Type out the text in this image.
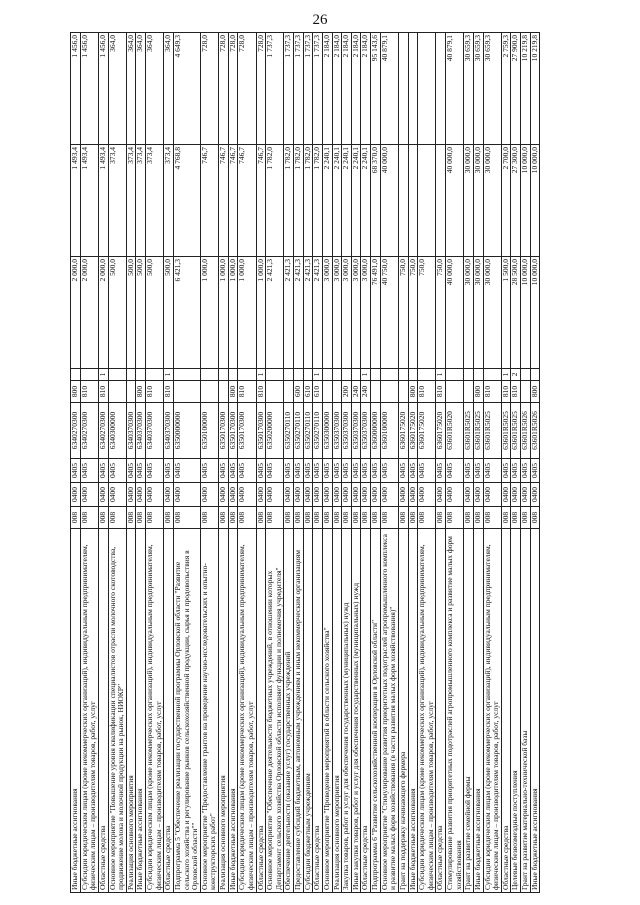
26
Иные бюджетные ассигнования	008	0400	0405	6340270300	800		2 000,0	1 493,4	1 456,0
Субсидии юридическим лицам (кроме некоммерческих организаций), индивидуальным предпринимателям, физическим лицам – производителям товаров, работ, услуг	008	0400	0405	6340270300	810		2 000,0	1 493,4	1 456,0
Областные средства	008	0400	0405	6340270300	810	1	2 000,0	1 493,4	1 456,0
Основное мероприятие "Повышение уровня квалификации специалистов отрасли молочного скотоводства, продвижение молока и молочной продукции на рынок, НИОКР"	008	0400	0405	6340300000			500,0	373,4	364,0
Реализация основного мероприятия	008	0400	0405	6340370300			500,0	373,4	364,0
Иные бюджетные ассигнования	008	0400	0405	6340370300	800		500,0	373,4	364,0
Субсидии юридическим лицам (кроме некоммерческих организаций), индивидуальным предпринимателям, физическим лицам – производителям товаров, работ, услуг	008	0400	0405	6340370300	810		500,0	373,4	364,0
Областные средства	008	0400	0405	6340370300	810	1	500,0	373,4	364,0
Подпрограмма 5 "Обеспечение реализации государственной программы Орловской области "Развитие сельского хозяйства и регулирование рынков сельскохозяйственной продукции, сырья и продовольствия в Орловской области""	008	0400	0405	6350000000			6 421,3	4 768,8	4 649,3
Основное мероприятие "Предоставление грантов на проведение научно-исследовательских и опытно-конструкторских работ"	008	0400	0405	6350100000			1 000,0	746,7	728,0
Реализация основного мероприятия	008	0400	0405	6350170300			1 000,0	746,7	728,0
Иные бюджетные ассигнования	008	0400	0405	6350170300	800		1 000,0	746,7	728,0
Субсидии юридическим лицам (кроме некоммерческих организаций), индивидуальным предпринимателям, физическим лицам – производителям товаров, работ, услуг	008	0400	0405	6350170300	810		1 000,0	746,7	728,0
Областные средства	008	0400	0405	6350170300	810	1	1 000,0	746,7	728,0
Основное мероприятие "Обеспечение деятельности бюджетных учреждений, в отношении которых Департамент сельского хозяйства Орловской области исполняет функции и полномочия учредителя"	008	0400	0405	6350200000			2 421,3	1 782,0	1 737,3
Обеспечение деятельности (оказание услуг) государственных учреждений	008	0400	0405	6350270110			2 421,3	1 782,0	1 737,3
Предоставление субсидий бюджетным, автономным учреждениям и иным некоммерческим организациям	008	0400	0405	6350270110	600		2 421,3	1 782,0	1 737,3
Субсидии бюджетным учреждениям	008	0400	0405	6350270110	610		2 421,3	1 782,0	1 737,3
Областные средства	008	0400	0405	6350270110	610	1	2 421,3	1 782,0	1 737,3
Основное мероприятие "Проведение мероприятий в области сельского хозяйства"	008	0400	0405	6350300000			3 000,0	2 240,1	2 184,0
Реализация основного мероприятия	008	0400	0405	6350370300			3 000,0	2 240,1	2 184,0
Закупка товаров, работ и услуг для обеспечения государственных (муниципальных) нужд	008	0400	0405	6350370300	200		3 000,0	2 240,1	2 184,0
Иные закупки товаров, работ и услуг для обеспечения государственных (муниципальных) нужд	008	0400	0405	6350370300	240		3 000,0	2 240,1	2 184,0
Областные средства	008	0400	0405	6350370300	240	1	3 000,0	2 240,1	2 184,0
Подпрограмма 6 "Развитие сельскохозяйственной кооперации в Орловской области"	008	0400	0405	6360000000			76 491,0	68 370,0	95 143,6
Основное мероприятие "Стимулирование развития приоритетных подотраслей агропромышленного комплекса и развитие малых форм хозяйствования (в части развития малых форм хозяйствования)"	008	0400	0405	6360100000			40 750,0	40 000,0	40 879,1
Грант на поддержку начинающего фермера	008	0400	0405	6360175020			750,0		
Иные бюджетные ассигнования	008	0400	0405	6360175020	800		750,0		
Субсидии юридическим лицам (кроме некоммерческих организаций), индивидуальным предпринимателям, физическим лицам – производителям товаров, работ, услуг	008	0400	0405	6360175020	810		750,0		
Областные средства	008	0400	0405	6360175020	810	1	750,0		
Стимулирование развития приоритетных подотраслей агропромышленного комплекса и развитие малых форм хозяйствования	008	0400	0405	63601R5020			40 000,0	40 000,0	40 879,1
Грант на развитие семейной фермы	008	0400	0405	63601R5025			30 000,0	30 000,0	30 659,3
Иные бюджетные ассигнования	008	0400	0405	63601R5025	800		30 000,0	30 000,0	30 659,3
Субсидии юридическим лицам (кроме некоммерческих организаций), индивидуальным предпринимателям, физическим лицам – производителям товаров, работ, услуг	008	0400	0405	63601R5025	810		30 000,0	30 000,0	30 659,3
Областные средства	008	0400	0405	63601R5025	810	1	1 500,0	2 700,0	2 759,3
Целевые безвозмездные поступления	008	0400	0405	63601R5025	810	2	28 500,0	27 300,0	27 900,0
Грант на развитие материально-технической базы	008	0400	0405	63601R5026			10 000,0	10 000,0	10 219,8
Иные бюджетные ассигнования	008	0400	0405	63601R5026	800		10 000,0	10 000,0	10 219,8
